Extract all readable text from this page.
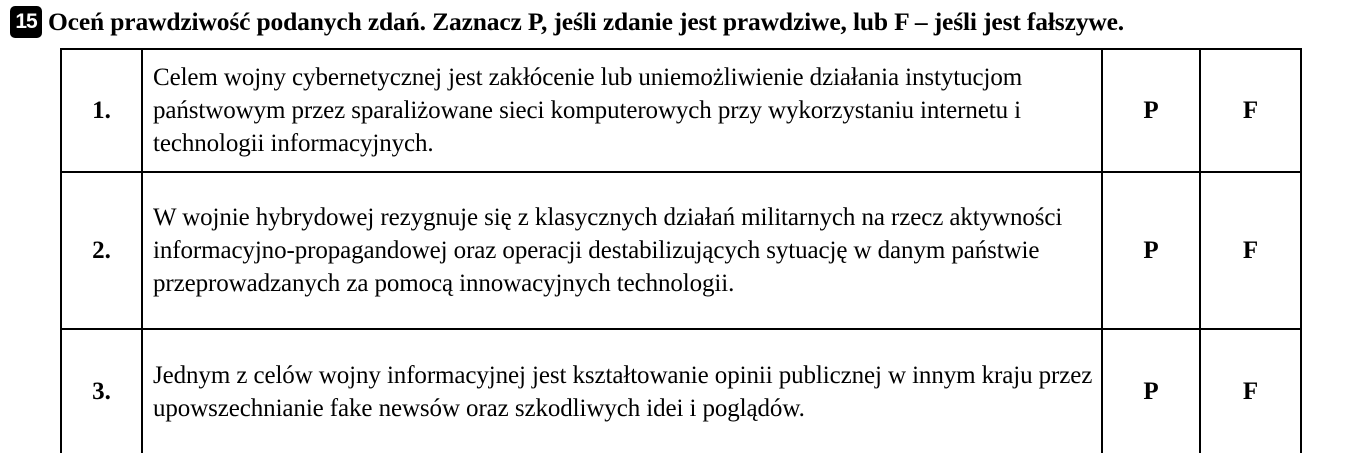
15 Oceń prawdziwość podanych zdań. Zaznacz P, jeśli zdanie jest prawdziwe, lub F – jeśli jest fałszywe.
1.	Celem wojny cybernetycznej jest zakłócenie lub uniemożliwienie działania instytucjom państwowym przez sparaliżowane sieci komputerowych przy wykorzystaniu internetu i technologii informacyjnych.	P	F
2.	W wojnie hybrydowej rezygnuje się z klasycznych działań militarnych na rzecz aktywności informacyjno-propagandowej oraz operacji destabilizujących sytuację w danym państwie przeprowadzanych za pomocą innowacyjnych technologii.	P	F
3.	Jednym z celów wojny informacyjnej jest kształtowanie opinii publicznej w innym kraju przez upowszechnianie fake newsów oraz szkodliwych idei i poglądów.	P	F
